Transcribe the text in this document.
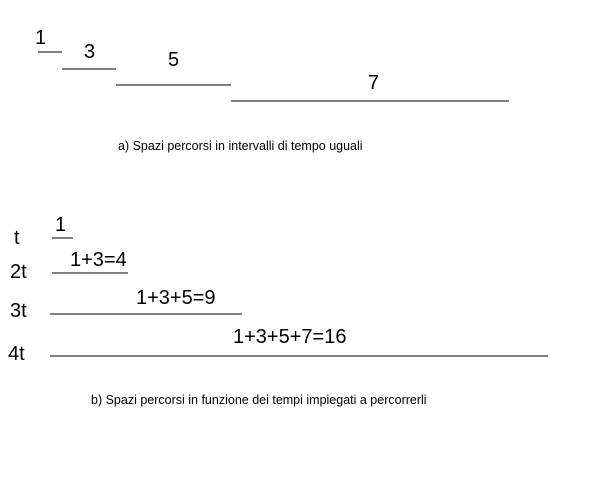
1
3	5
7
a) Spazi percorsi in intervalli di tempo uguali
t
1
2t
1+3=4
3t
1+3+5=9
4t
1+3+5+7=16
b) Spazi percorsi in funzione dei tempi impiegati a percorrerli
